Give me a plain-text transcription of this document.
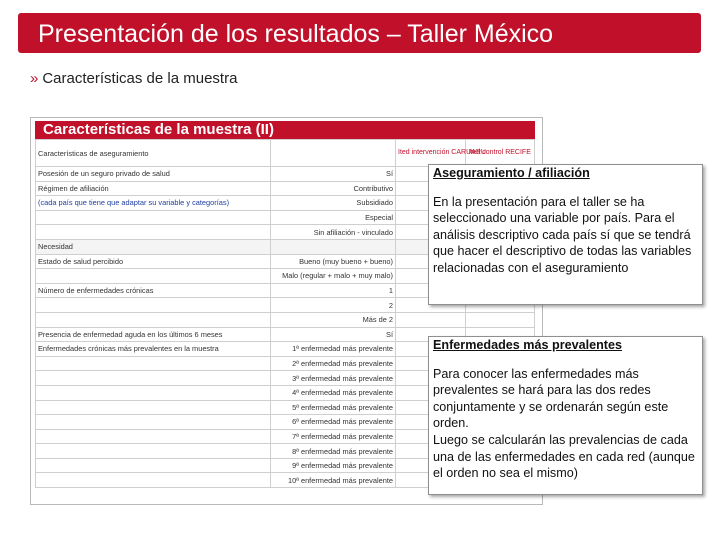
Presentación de los resultados – Taller México
» Características de la muestra
Características de la muestra (II)
Características de aseguramiento		Ited intervención CARUARU	Ited control RECIFE
Posesión de un seguro privado de salud	Sí		
Régimen de afiliación	Contributivo		
(cada país que tiene que adaptar su variable y categorías)	Subsidiado		
	Especial		
	Sin afiliación - vinculado		
Necesidad			
Estado de salud percibido	Bueno (muy bueno + bueno)		
	Malo (regular + malo + muy malo)		
Número de enfermedades crónicas	1		
	2		
	Más de 2		
Presencia de enfermedad aguda en los últimos 6 meses	Sí		
Enfermedades crónicas más prevalentes en la muestra	1ª enfermedad más prevalente		
	2ª enfermedad más prevalente		
	3ª enfermedad más prevalente		
	4ª enfermedad más prevalente		
	5ª enfermedad más prevalente		
	6ª enfermedad más prevalente		
	7ª enfermedad más prevalente		
	8ª enfermedad más prevalente		
	9ª enfermedad más prevalente		
	10ª enfermedad más prevalente		

Aseguramiento / afiliación

En la presentación para el taller se ha seleccionado una variable por país. Para el análisis descriptivo cada país sí que se tendrá que hacer el descriptivo de todas las variables relacionadas con el aseguramiento

Enfermedades más prevalentes

Para conocer las enfermedades más prevalentes se hará para las dos redes conjuntamente y se ordenarán según este orden.

Luego se calcularán las prevalencias de cada una de las enfermedades en cada red (aunque el orden no sea el mismo)
